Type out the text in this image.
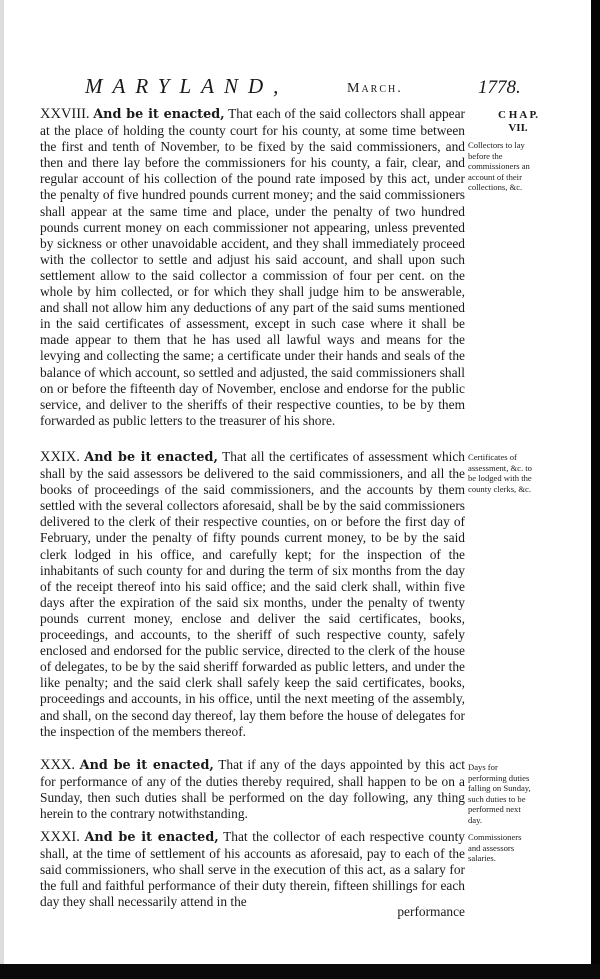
MARYLAND,	March.	1778.
C H A P.
VII.

XXVIII. And be it enacted, That each of the said collectors shall appear at the place of holding the county court for his county, at some time between the first and tenth of November, to be fixed by the said commissioners, and then and there lay before the commissioners for his county, a fair, clear, and regular account of his collection of the pound rate imposed by this act, under the penalty of five hundred pounds current money; and the said commissioners shall appear at the same time and place, under the penalty of two hundred pounds current money on each commissioner not appearing, unless prevented by sickness or other unavoidable accident, and they shall immediately proceed with the collector to settle and adjust his said account, and shall upon such settlement allow to the said collector a commission of four per cent. on the whole by him collected, or for which they shall judge him to be answerable, and shall not allow him any deductions of any part of the said sums mentioned in the said certificates of assessment, except in such case where it shall be made appear to them that he has used all lawful ways and means for the levying and collecting the same; a certificate under their hands and seals of the balance of which account, so settled and adjusted, the said commissioners shall on or before the fifteenth day of November, enclose and endorse for the public service, and deliver to the sheriffs of their respective counties, to be by them forwarded as public letters to the treasurer of his shore.

Collectors to lay before the commissioners an account of their collections, &c.

XXIX. And be it enacted, That all the certificates of assessment which shall by the said assessors be delivered to the said commissioners, and all the books of proceedings of the said commissioners, and the accounts by them settled with the several collectors aforesaid, shall be by the said commissioners delivered to the clerk of their respective counties, on or before the first day of February, under the penalty of fifty pounds current money, to be by the said clerk lodged in his office, and carefully kept; for the inspection of the inhabitants of such county for and during the term of six months from the day of the receipt thereof into his said office; and the said clerk shall, within five days after the expiration of the said six months, under the penalty of twenty pounds current money, enclose and deliver the said certificates, books, proceedings, and accounts, to the sheriff of such respective county, safely enclosed and endorsed for the public service, directed to the clerk of the house of delegates, to be by the said sheriff forwarded as public letters, and under the like penalty; and the said clerk shall safely keep the said certificates, books, proceedings and accounts, in his office, until the next meeting of the assembly, and shall, on the second day thereof, lay them before the house of delegates for the inspection of the members thereof.

Certificates of assessment, &c. to be lodged with the county clerks, &c.

XXX. And be it enacted, That if any of the days appointed by this act for performance of any of the duties thereby required, shall happen to be on a Sunday, then such duties shall be performed on the day following, any thing herein to the contrary notwithstanding.

Days for performing duties falling on Sunday, such duties to be performed next day.

XXXI. And be it enacted, That the collector of each respective county shall, at the time of settlement of his accounts as aforesaid, pay to each of the said commissioners, who shall serve in the execution of this act, as a salary for the full and faithful performance of their duty therein, fifteen shillings for each day they shall necessarily attend in the

Commissioners and assessors salaries.
performance
